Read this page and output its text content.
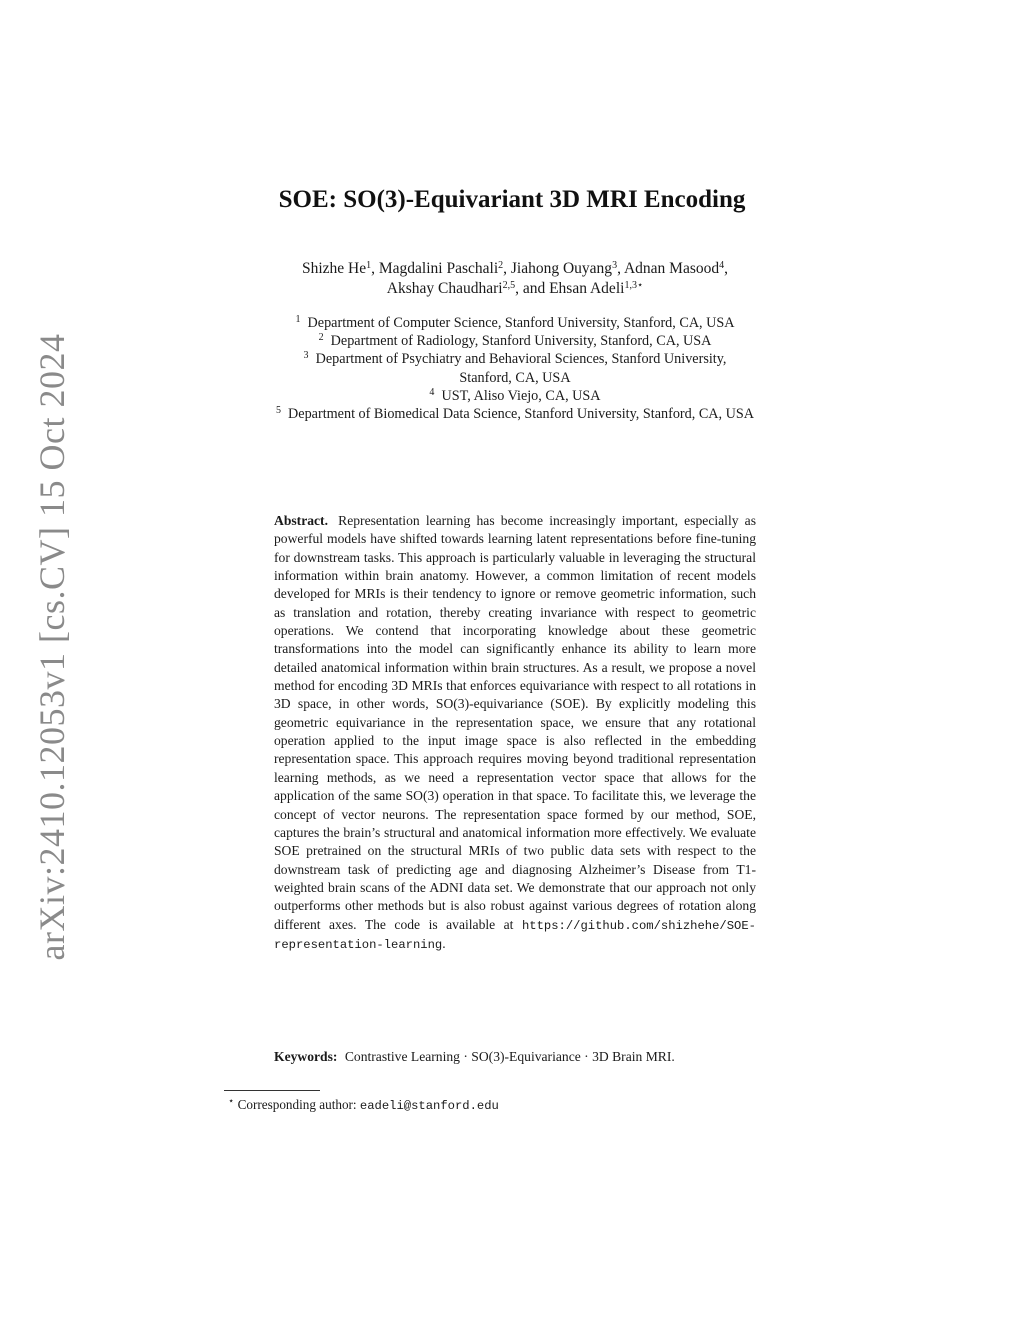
arXiv:2410.12053v1 [cs.CV] 15 Oct 2024
SOE: SO(3)-Equivariant 3D MRI Encoding
Shizhe He$^1$, Magdalini Paschali$^2$, Jiahong Ouyang$^3$, Adnan Masood$^4$,
Akshay Chaudhari$^{2,5}$, and Ehsan Adeli$^{1,3⋆}$
$^1$ Department of Computer Science, Stanford University, Stanford, CA, USA
$^2$ Department of Radiology, Stanford University, Stanford, CA, USA
$^3$ Department of Psychiatry and Behavioral Sciences, Stanford University,
Stanford, CA, USA
$^4$ UST, Aliso Viejo, CA, USA
$^5$ Department of Biomedical Data Science, Stanford University, Stanford, CA, USA
Abstract. Representation learning has become increasingly important, especially as powerful models have shifted towards learning latent representations before fine-tuning for downstream tasks. This approach is particularly valuable in leveraging the structural information within brain anatomy. However, a common limitation of recent models developed for MRIs is their tendency to ignore or remove geometric information, such as translation and rotation, thereby creating invariance with respect to geometric operations. We contend that incorporating knowledge about these geometric transformations into the model can significantly enhance its ability to learn more detailed anatomical information within brain structures. As a result, we propose a novel method for encoding 3D MRIs that enforces equivariance with respect to all rotations in 3D space, in other words, SO(3)-equivariance (SOE). By explicitly modeling this geometric equivariance in the representation space, we ensure that any rotational operation applied to the input image space is also reflected in the embedding representation space. This approach requires moving beyond traditional representation learning methods, as we need a representation vector space that allows for the application of the same SO(3) operation in that space. To facilitate this, we leverage the concept of vector neurons. The representation space formed by our method, SOE, captures the brain’s structural and anatomical information more effectively. We evaluate SOE pretrained on the structural MRIs of two public data sets with respect to the downstream task of predicting age and diagnosing Alzheimer’s Disease from T1-weighted brain scans of the ADNI data set. We demonstrate that our approach not only outperforms other methods but is also robust against various degrees of rotation along different axes. The code is available at https://github.com/shizhehe/SOE-representation-learning.
Keywords: Contrastive Learning · SO(3)-Equivariance · 3D Brain MRI.
⋆ Corresponding author: eadeli@stanford.edu
